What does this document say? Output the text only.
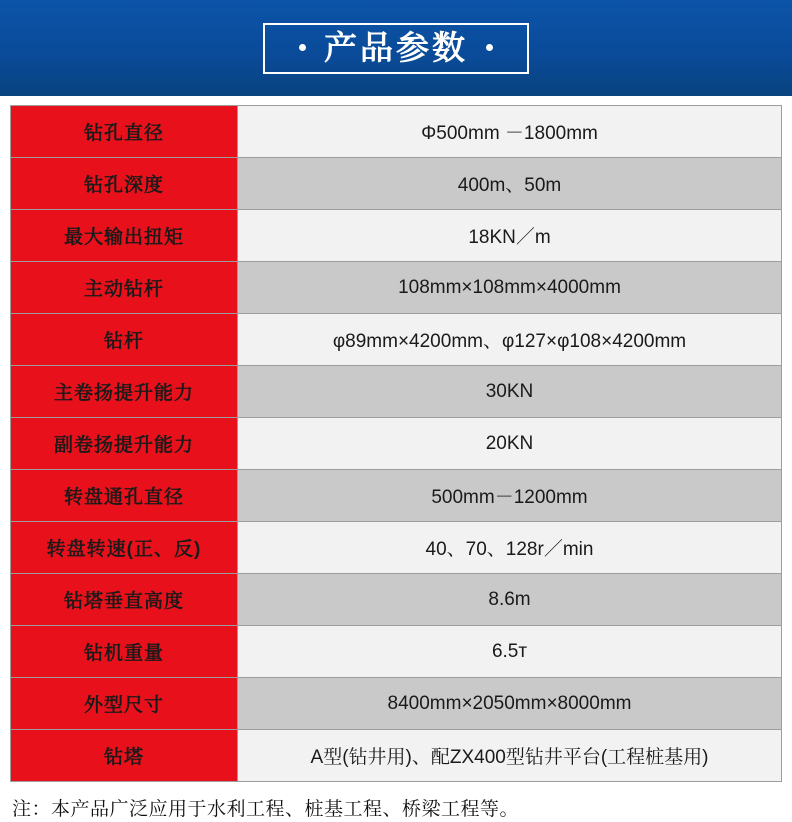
产品参数
钻孔直径	Φ500mm －1800mm
钻孔深度	400m、50m
最大输出扭矩	18KN／m
主动钻杆	108mm×108mm×4000mm
钻杆	φ89mm×4200mm、φ127×φ108×4200mm
主卷扬提升能力	30KN
副卷扬提升能力	20KN
转盘通孔直径	500mm－1200mm
转盘转速(正、反)	40、70、128r／min
钻塔垂直高度	8.6m
钻机重量	6.5т
外型尺寸	8400mm×2050mm×8000mm
钻塔	A型(钻井用)、配ZX400型钻井平台(工程桩基用)
注：本产品广泛应用于水利工程、桩基工程、桥梁工程等。
